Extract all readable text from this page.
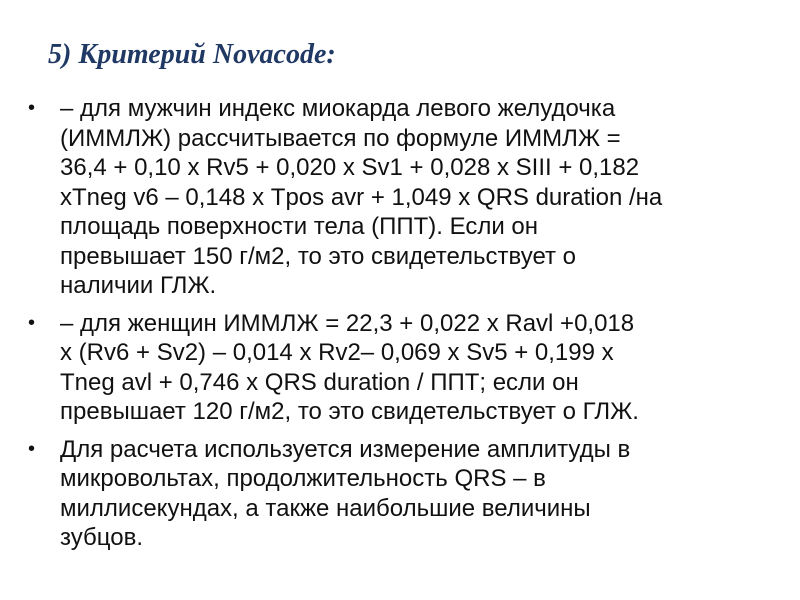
5) Критерий Novacode:
• – для мужчин индекс миокарда левого желудочка
(ИММЛЖ) рассчитывается по формуле ИММЛЖ =
36,4 + 0,10 х Rv5 + 0,020 х Sv1 + 0,028 х SIII + 0,182
хTneg v6 – 0,148 х Tpos avr + 1,049 х QRS duration /на
площадь поверхности тела (ППТ). Если он
превышает 150 г/м2, то это свидетельствует о
наличии ГЛЖ.
• – для женщин ИММЛЖ = 22,3 + 0,022 х Ravl +0,018
х (Rv6 + Sv2) – 0,014 х Rv2– 0,069 х Sv5 + 0,199 х
Tneg avl + 0,746 х QRS duration / ППТ; если он
превышает 120 г/м2, то это свидетельствует о ГЛЖ.
• Для расчета используется измерение амплитуды в
микровольтах, продолжительность QRS – в
миллисекундах, а также наибольшие величины
зубцов.
